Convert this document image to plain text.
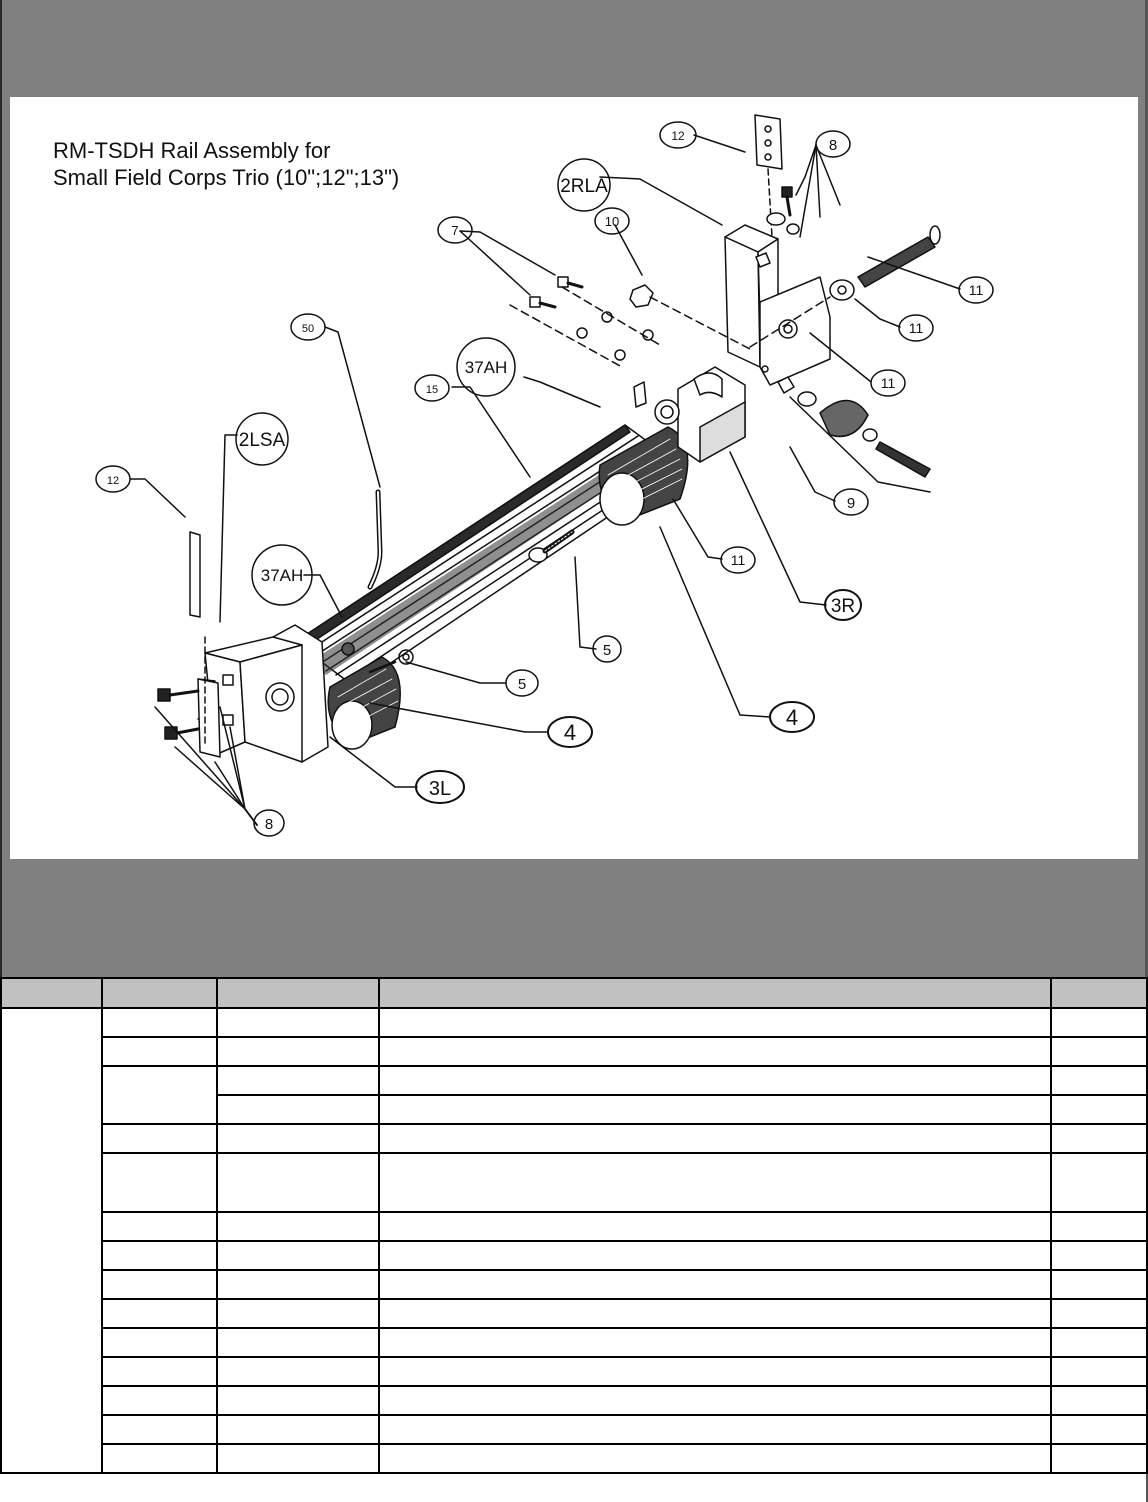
RM-TSDH Rail Assembly for
Small Field Corps Trio (10";12";13")
12
8
2RLA
10
7
11
11
11
50
37AH
15
9
2LSA
12
11
3R
37AH
5
5
4
4
3L
8
